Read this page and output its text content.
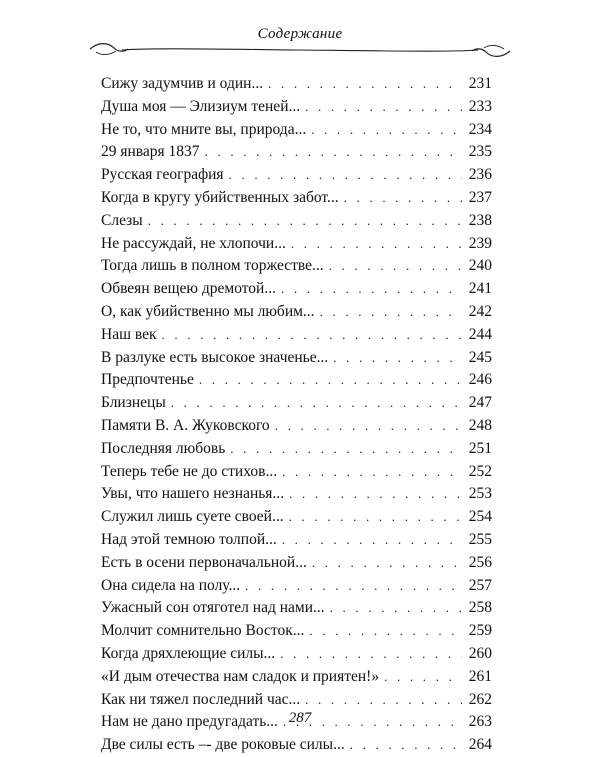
Содержание
Сижу задумчив и один... . . .	231
Душа моя — Элизиум теней... . . .	233
Не то, что мните вы, природа... . . .	234
29 января 1837 . . .	235
Русская география . . .	236
Когда в кругу убийственных забот... . . .	237
Слезы . . .	238
Не рассуждай, не хлопочи... . . .	239
Тогда лишь в полном торжестве... . . .	240
Обвеян вещею дремотой... . . .	241
О, как убийственно мы любим... . . .	242
Наш век . . .	244
В разлуке есть высокое значенье... . . .	245
Предпочтенье . . .	246
Близнецы . . .	247
Памяти В. А. Жуковского . . .	248
Последняя любовь . . .	251
Теперь тебе не до стихов... . . .	252
Увы, что нашего незнанья... . . .	253
Служил лишь суете своей... . . .	254
Над этой темною толпой... . . .	255
Есть в осени первоначальной... . . .	256
Она сидела на полу... . . .	257
Ужасный сон отяготел над нами... . . .	258
Молчит сомнительно Восток... . . .	259
Когда дряхлеющие силы... . . .	260
«И дым отечества нам сладок и приятен!» . . .	261
Как ни тяжел последний час... . . .	262
Нам не дано предугадать... . . .	263
Две силы есть –- две роковые силы... . . .	264
287
